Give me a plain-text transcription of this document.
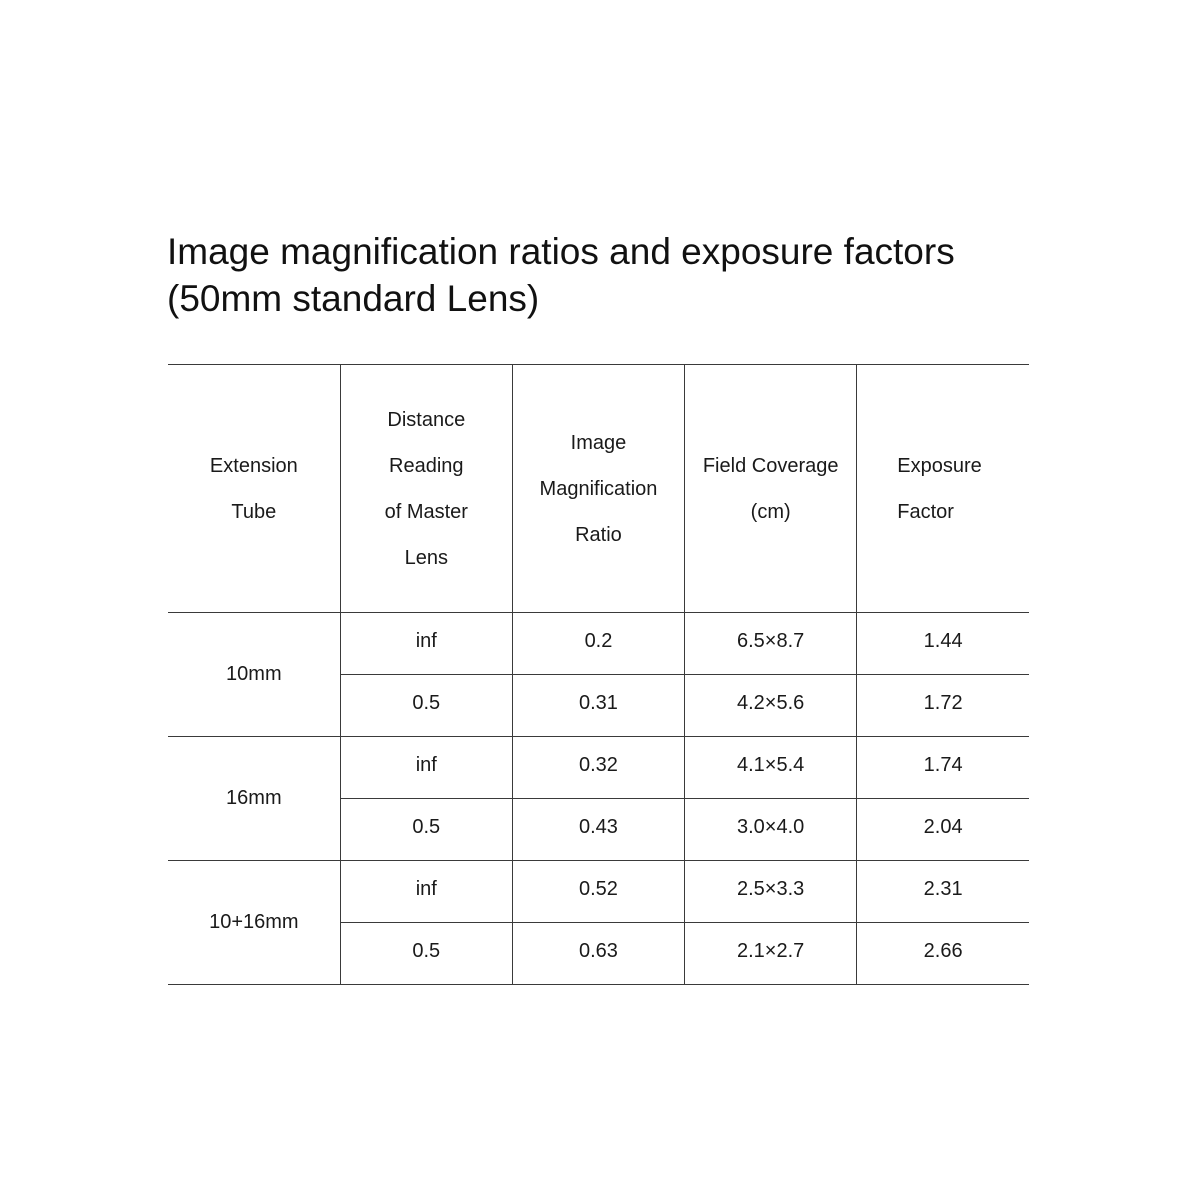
Image magnification ratios and exposure factors
(50mm standard Lens)
Extension
Tube	Distance
Reading
of Master
Lens	Image
Magnification
Ratio	Field Coverage
(cm)	Exposure
Factor

10mm	inf	0.2	6.5×8.7	1.44
	0.5	0.31	4.2×5.6	1.72
16mm	inf	0.32	4.1×5.4	1.74
	0.5	0.43	3.0×4.0	2.04
10+16mm	inf	0.52	2.5×3.3	2.31
	0.5	0.63	2.1×2.7	2.66
